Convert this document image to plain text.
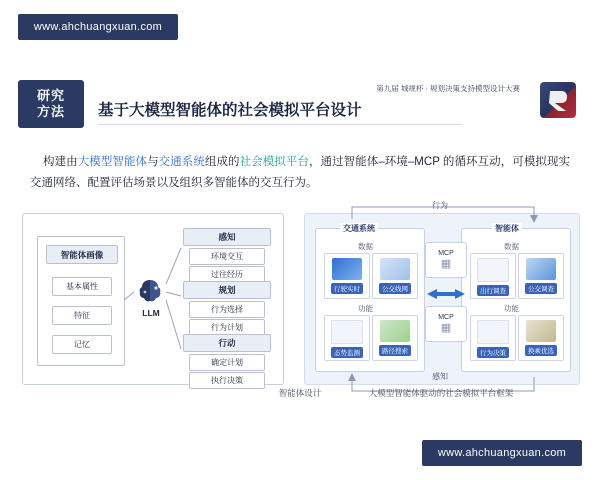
www.ahchuangxuan.com
www.ahchuangxuan.com
研究
方法 基于大模型智能体的社会模拟平台设计
第九届 城规杯 · 规划决策支持模型设计大赛
构建由大模型智能体与交通系统组成的社会模拟平台，通过智能体–环境–MCP 的循环互动，可模拟现实交通网络、配置评估场景以及组织多智能体的交互行为。
智能体画像
基本属性
特征
记忆
LLM
感知
环境交互
过往经历
规划
行为选择
行为计划
行动
确定计划
执行决策
智能体设计
交通系统
数据
行驶实时	公交线网
功能
态势监测	路径搜索
智能体
数据
出行调查	公交调查
功能
行为决策	换乘优选
MCP
▦
MCP
▦
行为
感知
大模型智能体驱动的社会模拟平台框架
